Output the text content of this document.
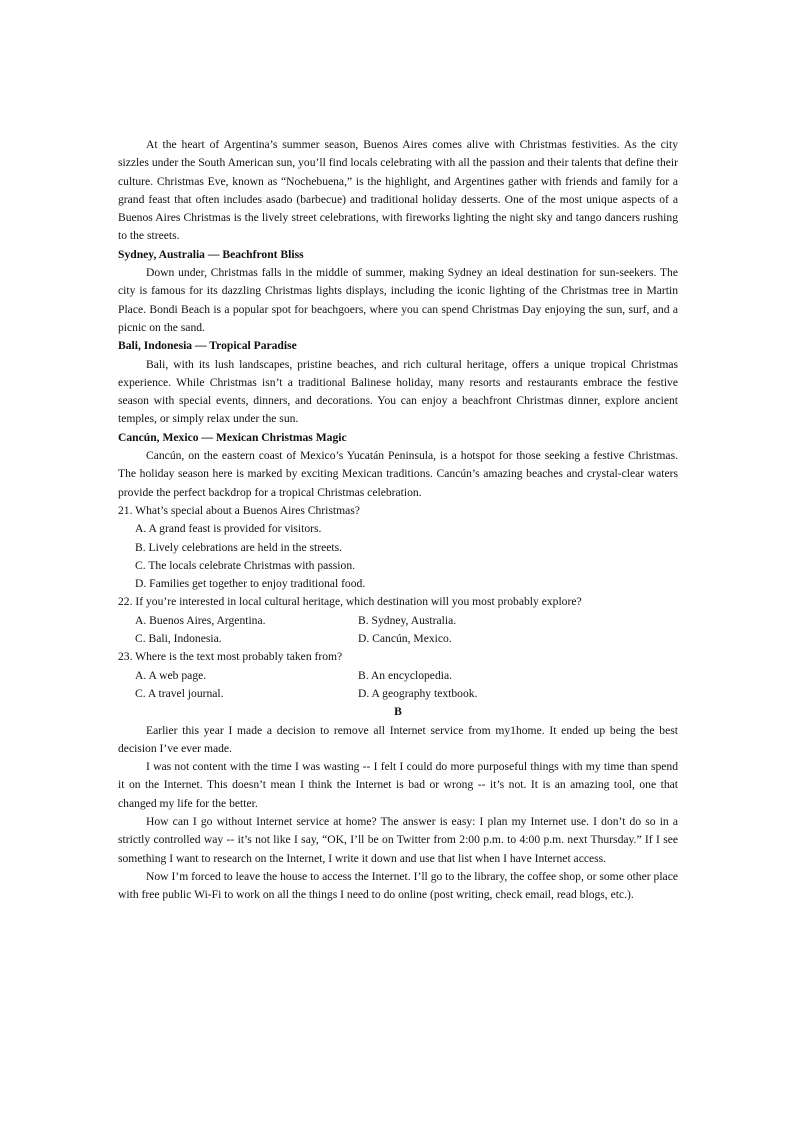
At the heart of Argentina’s summer season, Buenos Aires comes alive with Christmas festivities. As the city sizzles under the South American sun, you’ll find locals celebrating with all the passion and their talents that define their culture. Christmas Eve, known as “Nochebuena,” is the highlight, and Argentines gather with friends and family for a grand feast that often includes asado (barbecue) and traditional holiday desserts. One of the most unique aspects of a Buenos Aires Christmas is the lively street celebrations, with fireworks lighting the night sky and tango dancers rushing to the streets.

Sydney, Australia — Beachfront Bliss

Down under, Christmas falls in the middle of summer, making Sydney an ideal destination for sun-seekers. The city is famous for its dazzling Christmas lights displays, including the iconic lighting of the Christmas tree in Martin Place. Bondi Beach is a popular spot for beachgoers, where you can spend Christmas Day enjoying the sun, surf, and a picnic on the sand.

Bali, Indonesia — Tropical Paradise

Bali, with its lush landscapes, pristine beaches, and rich cultural heritage, offers a unique tropical Christmas experience. While Christmas isn’t a traditional Balinese holiday, many resorts and restaurants embrace the festive season with special events, dinners, and decorations. You can enjoy a beachfront Christmas dinner, explore ancient temples, or simply relax under the sun.

Cancún, Mexico — Mexican Christmas Magic

Cancún, on the eastern coast of Mexico’s Yucatán Peninsula, is a hotspot for those seeking a festive Christmas. The holiday season here is marked by exciting Mexican traditions. Cancún’s amazing beaches and crystal-clear waters provide the perfect backdrop for a tropical Christmas celebration.

21. What’s special about a Buenos Aires Christmas?

A. A grand feast is provided for visitors.

B. Lively celebrations are held in the streets.

C. The locals celebrate Christmas with passion.

D. Families get together to enjoy traditional food.

22. If you’re interested in local cultural heritage, which destination will you most probably explore?

A. Buenos Aires, Argentina.	B. Sydney, Australia.
C. Bali, Indonesia.	D. Cancún, Mexico.

23. Where is the text most probably taken from?

A. A web page.	B. An encyclopedia.
C. A travel journal.	D. A geography textbook.

B

Earlier this year I made a decision to remove all Internet service from my1home. It ended up being the best decision I’ve ever made.

I was not content with the time I was wasting -- I felt I could do more purposeful things with my time than spend it on the Internet. This doesn’t mean I think the Internet is bad or wrong -- it’s not. It is an amazing tool, one that changed my life for the better.

How can I go without Internet service at home? The answer is easy: I plan my Internet use. I don’t do so in a strictly controlled way -- it’s not like I say, “OK, I’ll be on Twitter from 2:00 p.m. to 4:00 p.m. next Thursday.” If I see something I want to research on the Internet, I write it down and use that list when I have Internet access.

Now I’m forced to leave the house to access the Internet. I’ll go to the library, the coffee shop, or some other place with free public Wi-Fi to work on all the things I need to do online (post writing, check email, read blogs, etc.).
